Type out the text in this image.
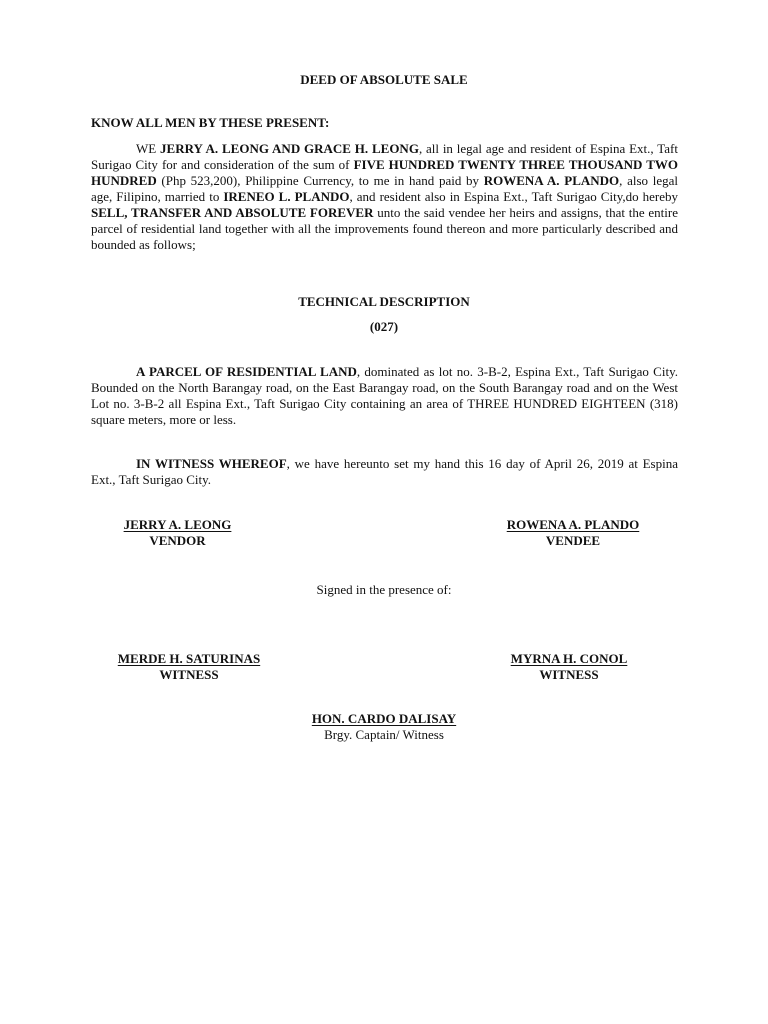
DEED OF ABSOLUTE SALE
KNOW ALL MEN BY THESE PRESENT:
WE JERRY A. LEONG AND GRACE H. LEONG, all in legal age and resident of Espina Ext., Taft Surigao City for and consideration of the sum of FIVE HUNDRED TWENTY THREE THOUSAND TWO HUNDRED (Php 523,200), Philippine Currency, to me in hand paid by ROWENA A. PLANDO, also legal age, Filipino, married to IRENEO L. PLANDO, and resident also in Espina Ext., Taft Surigao City,do hereby SELL, TRANSFER AND ABSOLUTE FOREVER unto the said vendee her heirs and assigns, that the entire parcel of residential land together with all the improvements found thereon and more particularly described and bounded as follows;
TECHNICAL DESCRIPTION
(027)
A PARCEL OF RESIDENTIAL LAND, dominated as lot no. 3-B-2, Espina Ext., Taft Surigao City. Bounded on the North Barangay road, on the East Barangay road, on the South Barangay road and on the West Lot no. 3-B-2 all Espina Ext., Taft Surigao City containing an area of THREE HUNDRED EIGHTEEN (318) square meters, more or less.
IN WITNESS WHEREOF, we have hereunto set my hand this 16 day of April 26, 2019 at Espina Ext., Taft Surigao City.
JERRY A. LEONG
VENDOR
ROWENA A. PLANDO
VENDEE
Signed in the presence of:
MERDE H. SATURINAS
WITNESS
MYRNA H. CONOL
WITNESS
HON. CARDO DALISAY
Brgy. Captain/ Witness
